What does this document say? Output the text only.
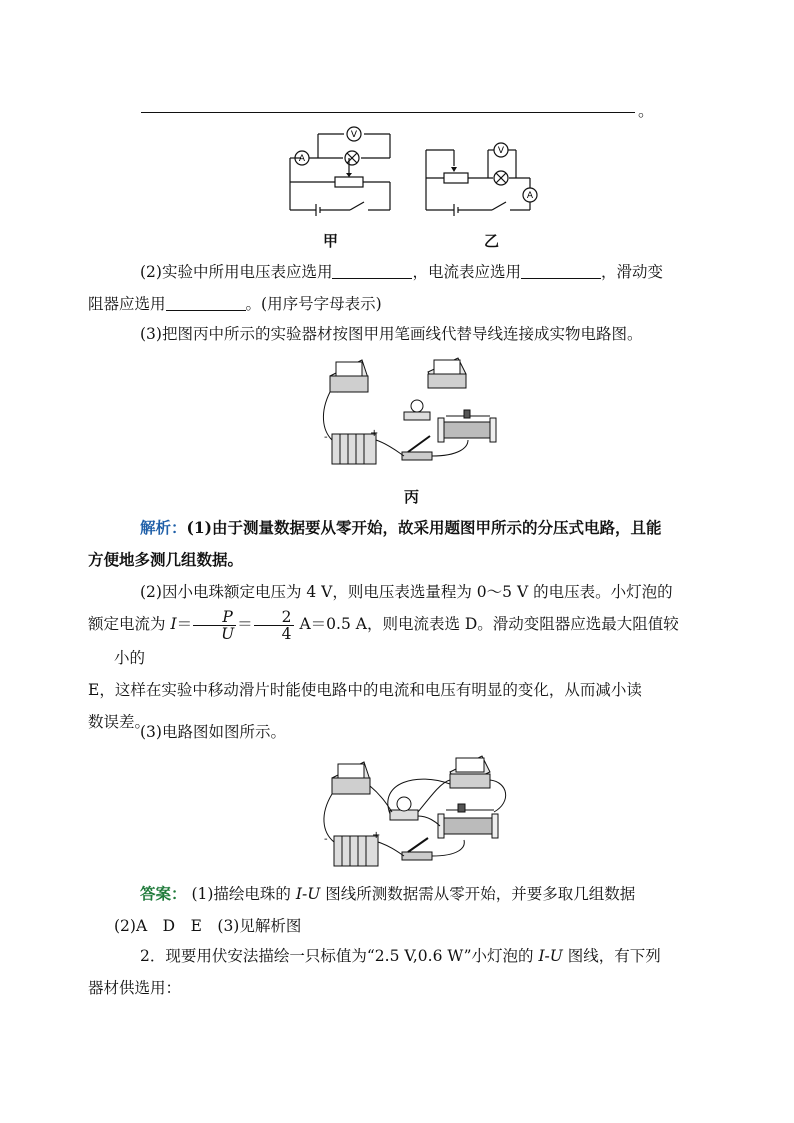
。
V
A
甲
V
A
乙
(2)实验中所用电压表应选用	，电流表应选用	，滑动变
阻器应选用	。(用序号字母表示)
(3)把图丙中所示的实验器材按图甲用笔画线代替导线连接成实物电路图。
-	+
丙
解析：(1)由于测量数据要从零开始，故采用题图甲所示的分压式电路，且能
方便地多测几组数据。
(2)因小电珠额定电压为 4 V，则电压表选量程为 0～5 V 的电压表。小灯泡的
额定电流为 $I= \frac{P}{U} = \frac{2}{4} A=0.5$ A，则电流表选 D。滑动变阻器应选最大阻值较小的
E，这样在实验中移动滑片时能使电路中的电流和电压有明显的变化，从而减小读
数误差。
(3)电路图如图所示。
-	+
答案： (1)描绘电珠的 I-U 图线所测数据需从零开始，并要多取几组数据
(2)A　D　E　(3)见解析图
2．现要用伏安法描绘一只标值为“2.5 V,0.6 W”小灯泡的 I-U 图线，有下列
器材供选用：
